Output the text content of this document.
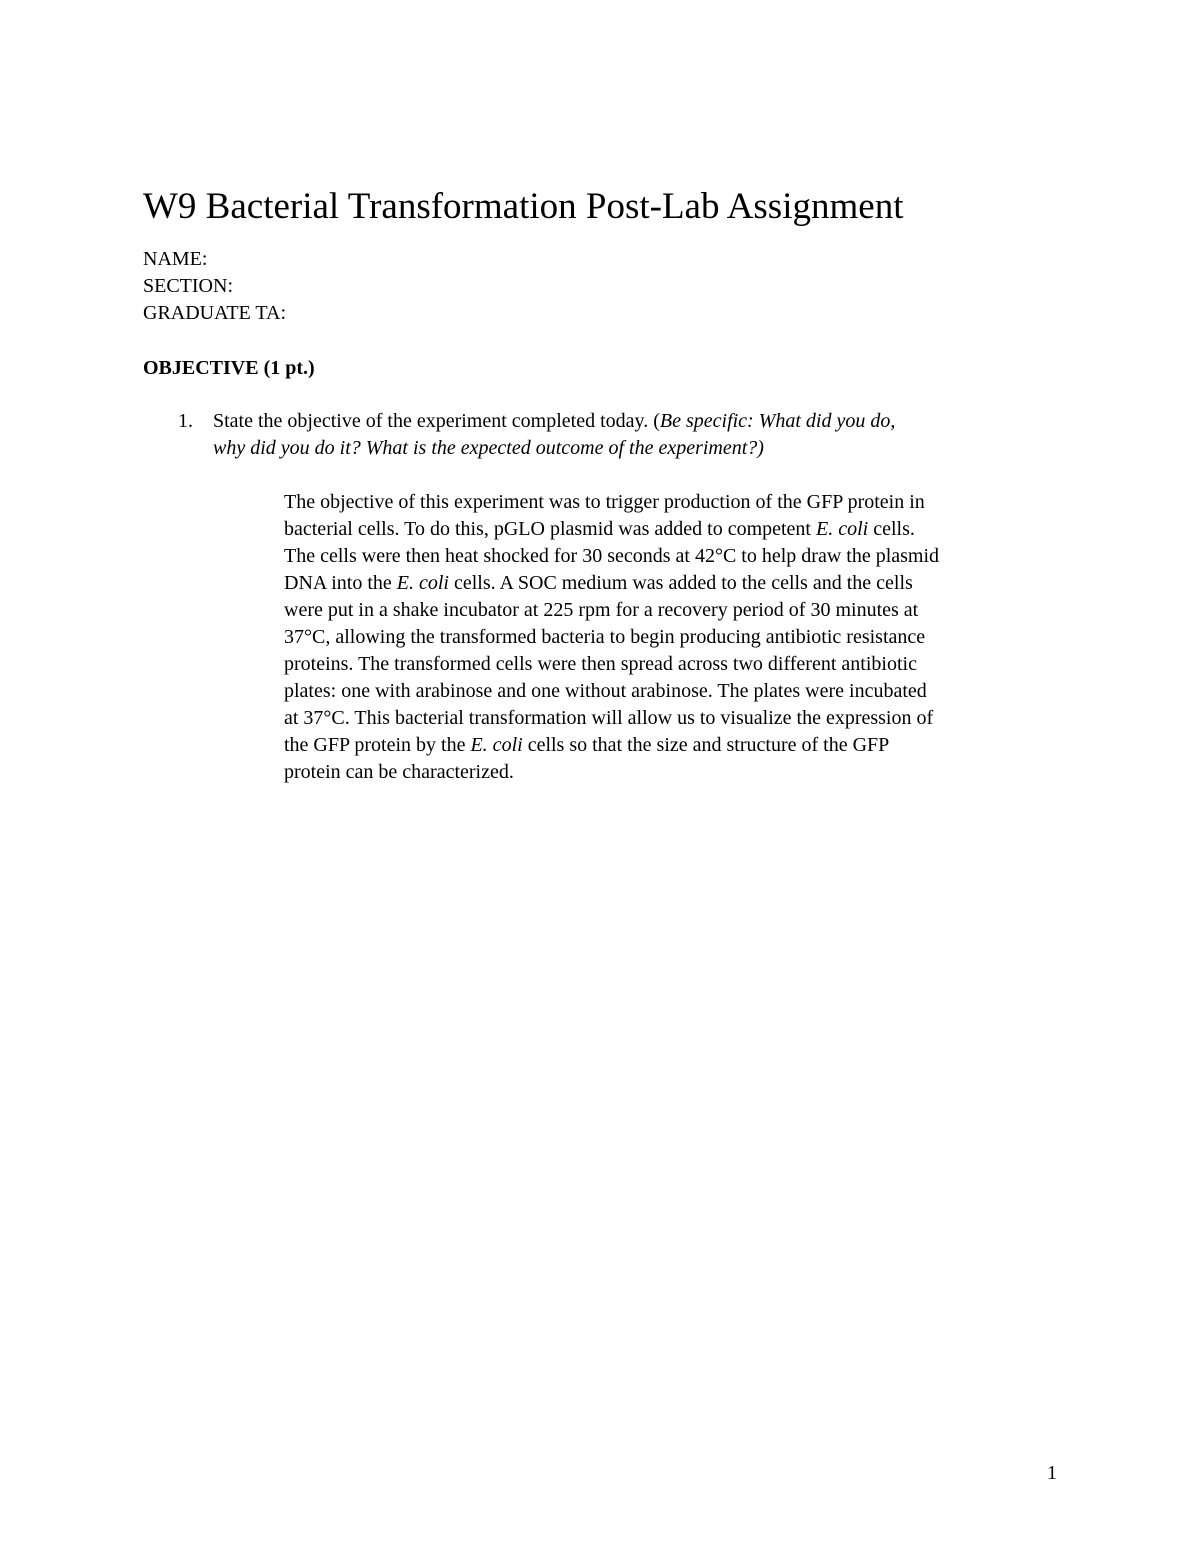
W9 Bacterial Transformation Post-Lab Assignment
NAME:
SECTION:
GRADUATE TA:
OBJECTIVE (1 pt.)
1. State the objective of the experiment completed today. (Be specific: What did you do,
why did you do it? What is the expected outcome of the experiment?)
The objective of this experiment was to trigger production of the GFP protein in
bacterial cells. To do this, pGLO plasmid was added to competent E. coli cells.
The cells were then heat shocked for 30 seconds at 42°C to help draw the plasmid
DNA into the E. coli cells. A SOC medium was added to the cells and the cells
were put in a shake incubator at 225 rpm for a recovery period of 30 minutes at
37°C, allowing the transformed bacteria to begin producing antibiotic resistance
proteins. The transformed cells were then spread across two different antibiotic
plates: one with arabinose and one without arabinose. The plates were incubated
at 37°C. This bacterial transformation will allow us to visualize the expression of
the GFP protein by the E. coli cells so that the size and structure of the GFP
protein can be characterized.
1
